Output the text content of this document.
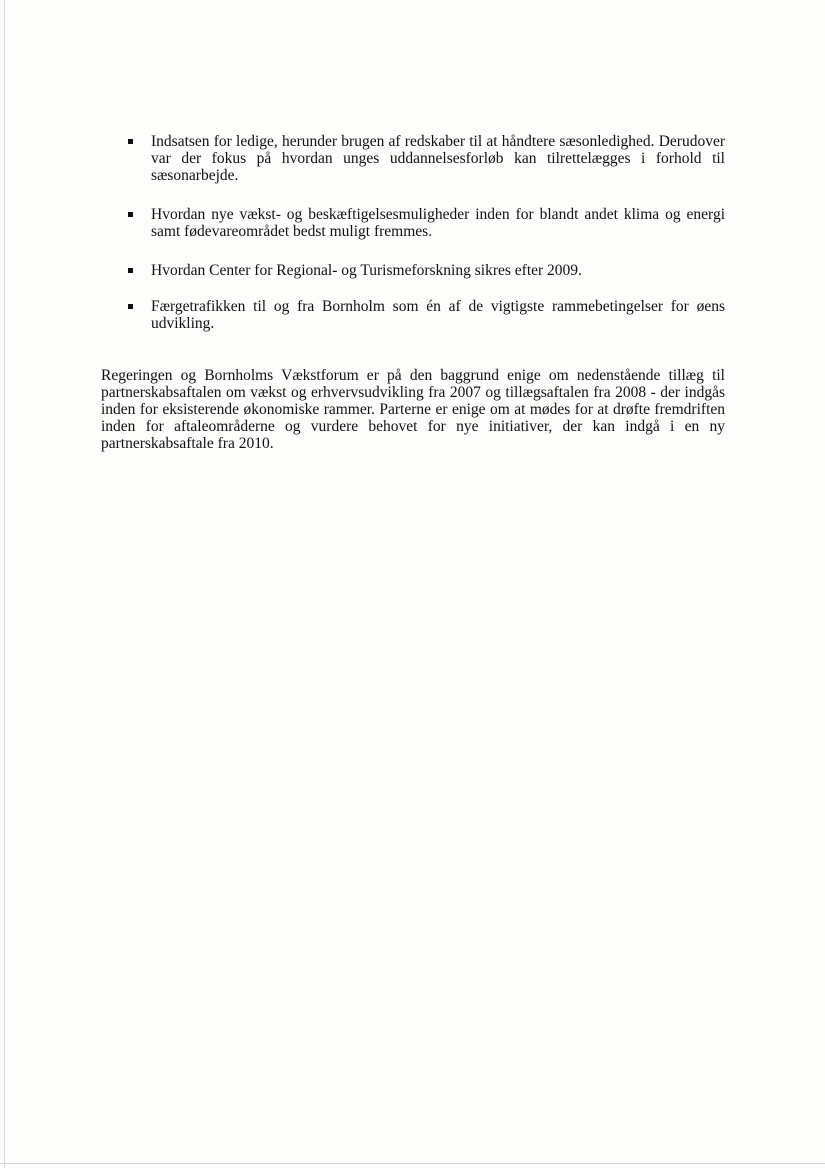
Indsatsen for ledige, herunder brugen af redskaber til at håndtere sæsonledighed. Derudover var der fokus på hvordan unges uddannelsesforløb kan tilrettelægges i forhold til sæsonarbejde.
Hvordan nye vækst- og beskæftigelsesmuligheder inden for blandt andet klima og energi samt fødevareområdet bedst muligt fremmes.
Hvordan Center for Regional- og Turismeforskning sikres efter 2009.
Færgetrafikken til og fra Bornholm som én af de vigtigste rammebetingelser for øens udvikling.

Regeringen og Bornholms Vækstforum er på den baggrund enige om nedenstående tillæg til partnerskabsaftalen om vækst og erhvervsudvikling fra 2007 og tillægsaftalen fra 2008 - der indgås inden for eksisterende økonomiske rammer. Parterne er enige om at mødes for at drøfte fremdriften inden for aftaleområderne og vurdere behovet for nye initiativer, der kan indgå i en ny partnerskabsaftale fra 2010.
